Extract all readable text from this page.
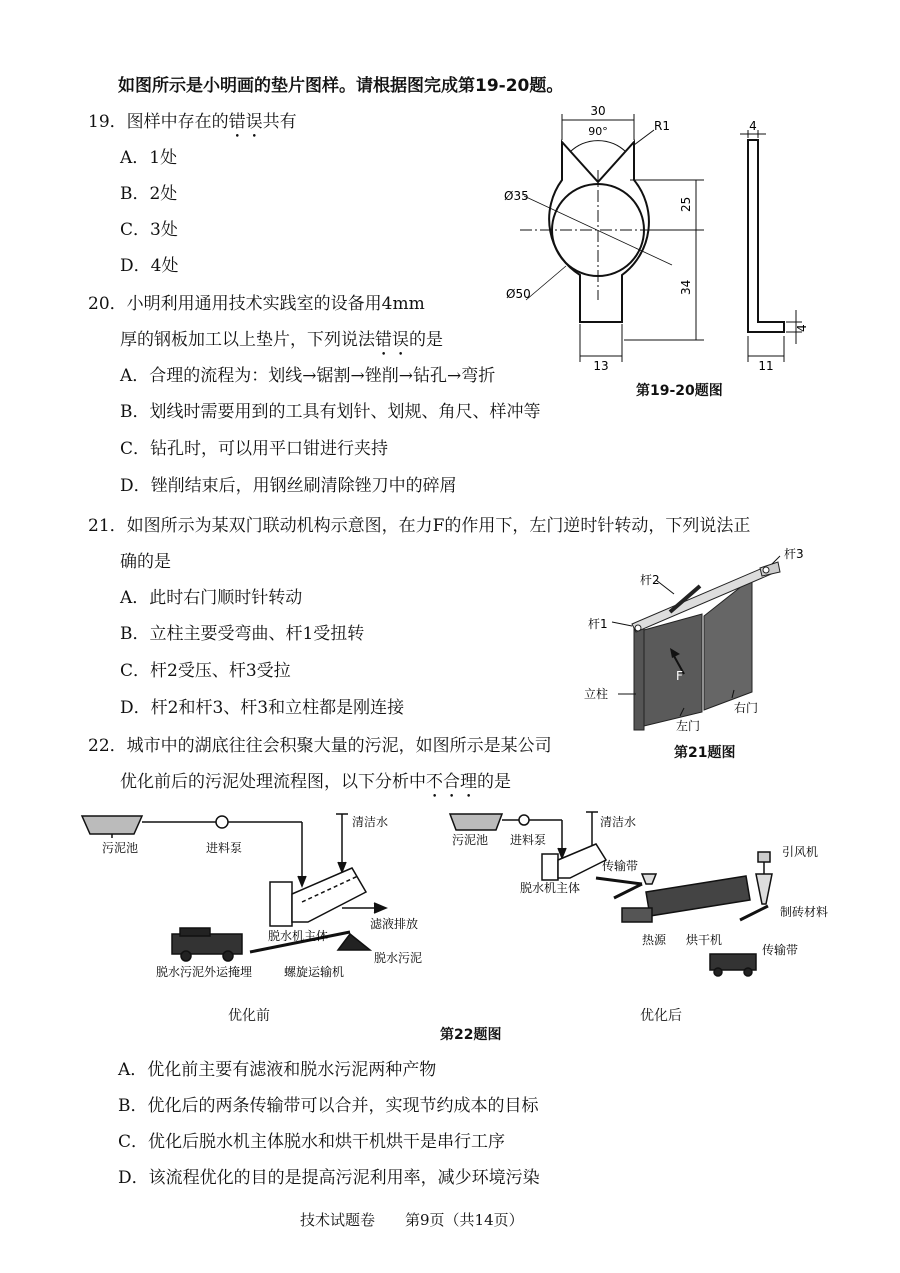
如图所示是小明画的垫片图样。请根据图完成第19-20题。
19．图样中存在的错误共有
A．1处
B．2处
C．3处
D．4处
20．小明利用通用技术实践室的设备用4mm
厚的钢板加工以上垫片，下列说法错误的是
A．合理的流程为：划线→锯割→锉削→钻孔→弯折
B．划线时需要用到的工具有划针、划规、角尺、样冲等
C．钻孔时，可以用平口钳进行夹持
D．锉削结束后，用钢丝刷清除锉刀中的碎屑
30
90°	R1
Ø35
Ø50
25
34
13
4
4
11
第19-20题图
21．如图所示为某双门联动机构示意图，在力F的作用下，左门逆时针转动，下列说法正
确的是
A．此时右门顺时针转动
B．立柱主要受弯曲、杆1受扭转
C．杆2受压、杆3受拉
D．杆2和杆3、杆3和立柱都是刚连接
杆3
杆2
杆1
F
立柱
左门
右门
第21题图
22．城市中的湖底往往会积聚大量的污泥，如图所示是某公司
优化前后的污泥处理流程图，以下分析中不合理的是
污泥池	进料泵
清洁水
滤液排放
脱水机主体
脱水污泥
螺旋运输机
脱水污泥外运掩埋
污泥池 进料泵
清洁水
传输带
脱水机主体
引风机
制砖材料
热源 烘干机
传输带
优化前	优化后
第22题图
A．优化前主要有滤液和脱水污泥两种产物
B．优化后的两条传输带可以合并，实现节约成本的目标
C．优化后脱水机主体脱水和烘干机烘干是串行工序
D．该流程优化的目的是提高污泥利用率，减少环境污染
技术试题卷　　第9页（共14页）
